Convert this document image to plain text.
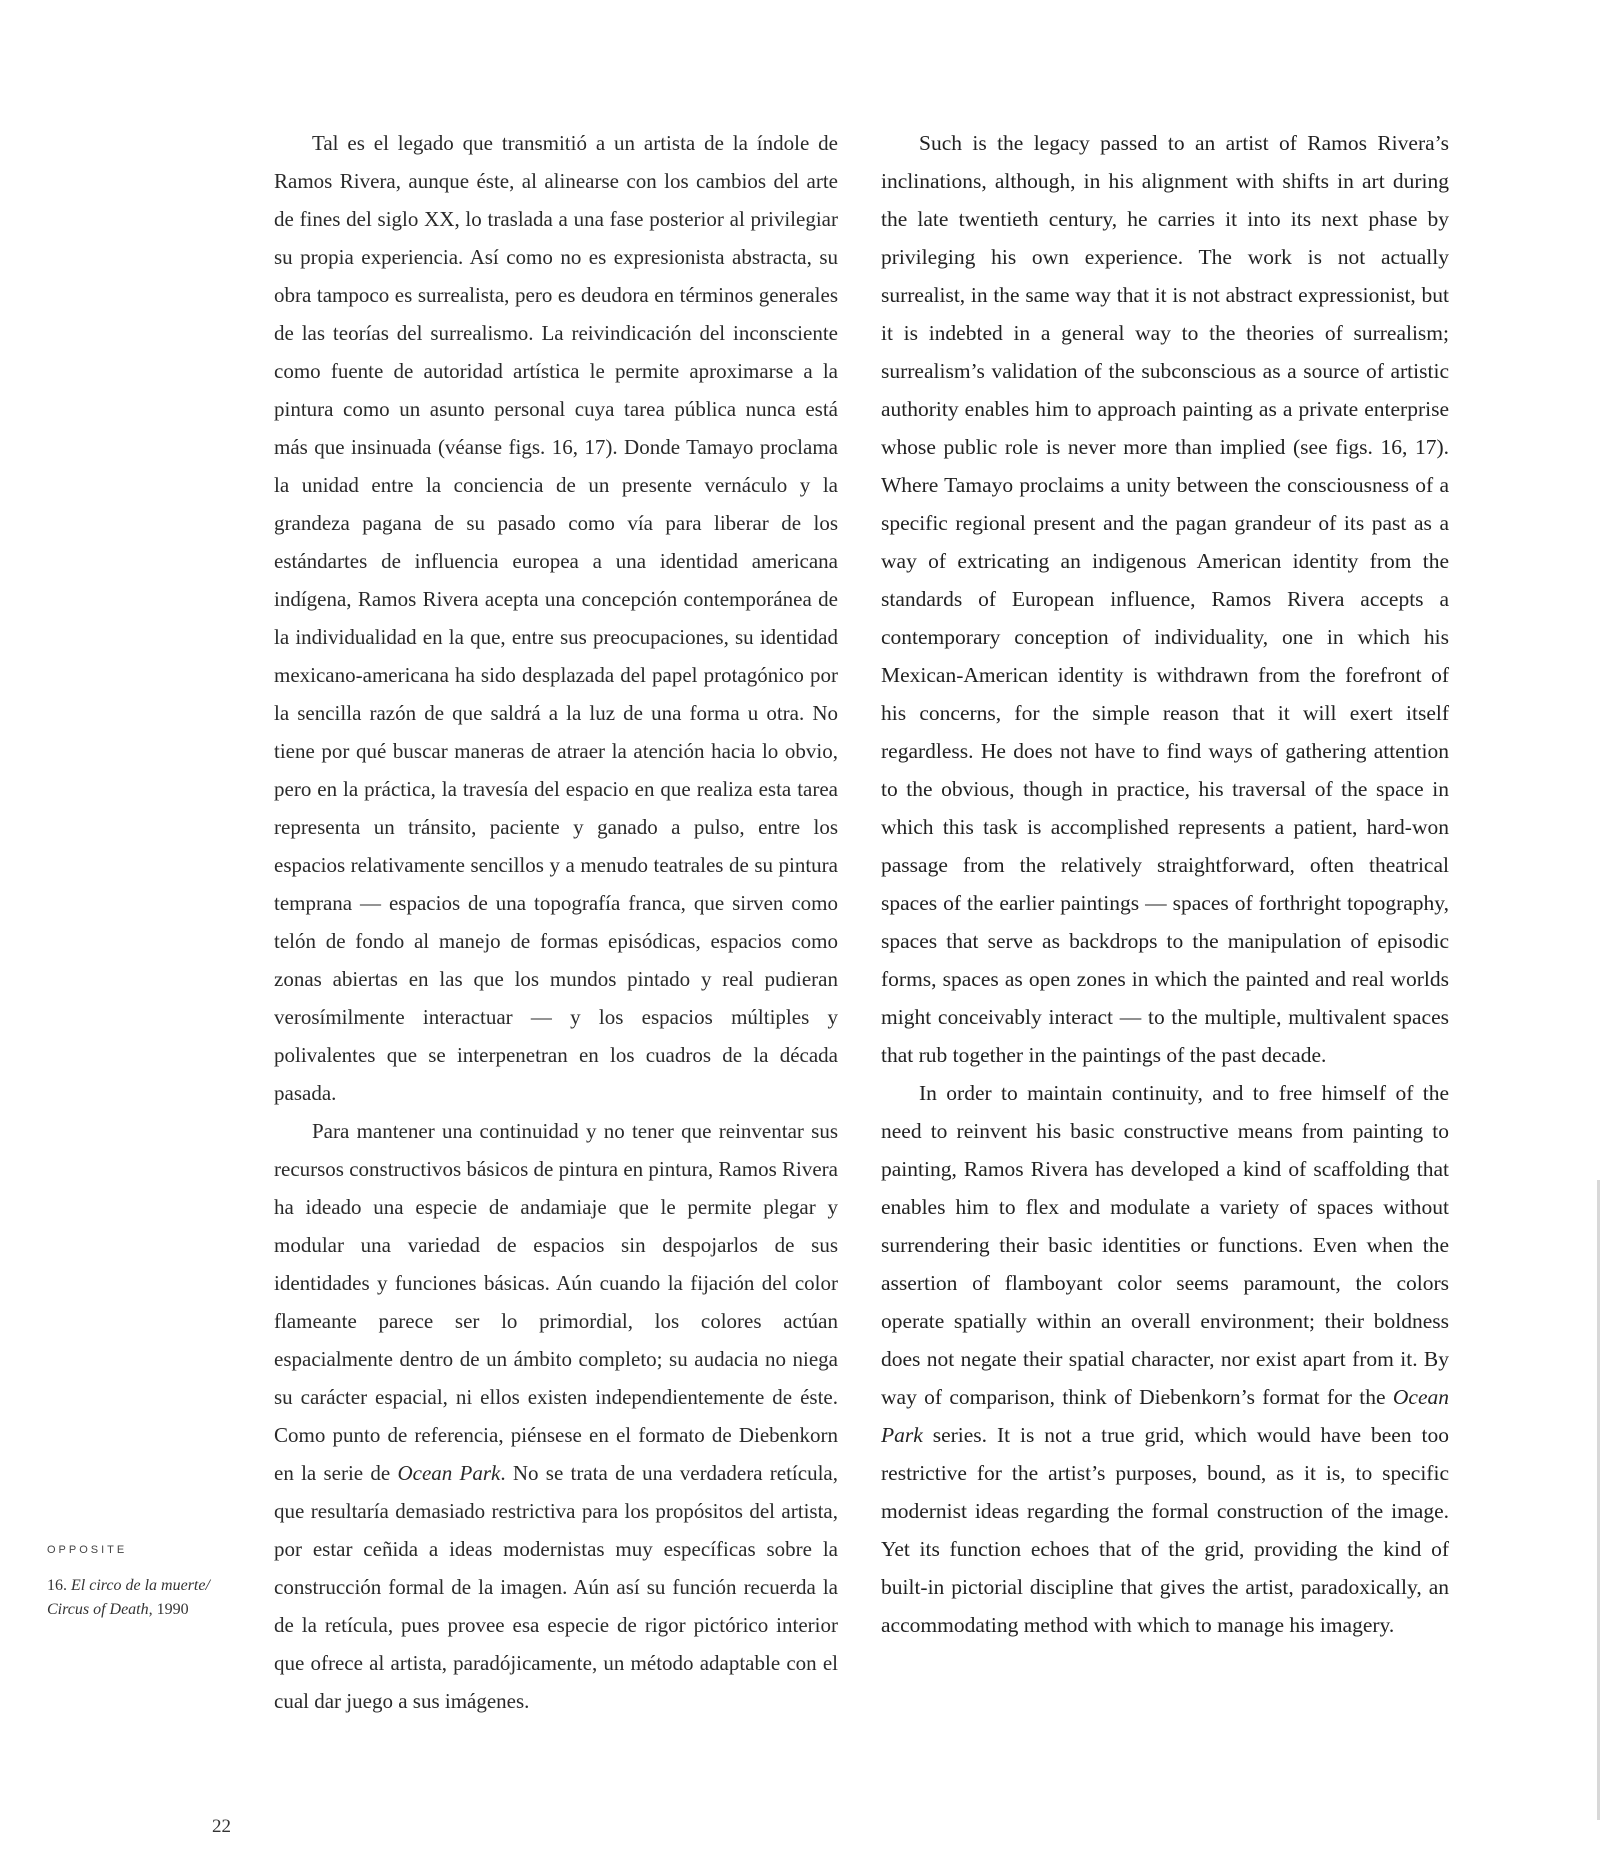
Tal es el legado que transmitió a un artista de la índole de Ramos Rivera, aunque éste, al alinearse con los cambios del arte de fines del siglo XX, lo traslada a una fase posterior al privilegiar su propia experiencia. Así como no es expresionista abstracta, su obra tampoco es surrealista, pero es deudora en términos generales de las teorías del surrealismo. La reivindicación del inconsciente como fuente de autoridad artística le permite aproximarse a la pintura como un asunto personal cuya tarea pública nunca está más que insinuada (véanse figs. 16, 17). Donde Tamayo proclama la unidad entre la conciencia de un presente vernáculo y la grandeza pagana de su pasado como vía para liberar de los estándartes de influencia europea a una identidad americana indígena, Ramos Rivera acepta una concepción contemporánea de la individualidad en la que, entre sus preocupaciones, su identidad mexicano-americana ha sido desplazada del papel protagónico por la sencilla razón de que saldrá a la luz de una forma u otra. No tiene por qué buscar maneras de atraer la atención hacia lo obvio, pero en la práctica, la travesía del espacio en que realiza esta tarea representa un tránsito, paciente y ganado a pulso, entre los espacios relativamente sencillos y a menudo teatrales de su pintura temprana — espacios de una topografía franca, que sirven como telón de fondo al manejo de formas episódicas, espacios como zonas abiertas en las que los mundos pintado y real pudieran verosímilmente interactuar — y los espacios múltiples y polivalentes que se interpenetran en los cuadros de la década pasada.

Para mantener una continuidad y no tener que reinventar sus recursos constructivos básicos de pintura en pintura, Ramos Rivera ha ideado una especie de andamiaje que le permite plegar y modular una variedad de espacios sin despojarlos de sus identidades y funciones básicas. Aún cuando la fijación del color flameante parece ser lo primordial, los colores actúan espacialmente dentro de un ámbito completo; su audacia no niega su carácter espacial, ni ellos existen independientemente de éste. Como punto de referencia, piénsese en el formato de Diebenkorn en la serie de Ocean Park. No se trata de una verdadera retícula, que resultaría demasiado restrictiva para los propósitos del artista, por estar ceñida a ideas modernistas muy específicas sobre la construcción formal de la imagen. Aún así su función recuerda la de la retícula, pues provee esa especie de rigor pictórico interior que ofrece al artista, paradójicamente, un método adaptable con el cual dar juego a sus imágenes.

Such is the legacy passed to an artist of Ramos Rivera’s inclinations, although, in his alignment with shifts in art during the late twentieth century, he carries it into its next phase by privileging his own experience. The work is not actually surrealist, in the same way that it is not abstract expressionist, but it is indebted in a general way to the theories of surrealism; surrealism’s validation of the subconscious as a source of artistic authority enables him to approach painting as a private enterprise whose public role is never more than implied (see figs. 16, 17). Where Tamayo proclaims a unity between the consciousness of a specific regional present and the pagan grandeur of its past as a way of extricating an indigenous American identity from the standards of European influence, Ramos Rivera accepts a contemporary conception of individuality, one in which his Mexican-American identity is withdrawn from the forefront of his concerns, for the simple reason that it will exert itself regardless. He does not have to find ways of gathering attention to the obvious, though in practice, his traversal of the space in which this task is accomplished represents a patient, hard-won passage from the relatively straightforward, often theatrical spaces of the earlier paintings — spaces of forthright topography, spaces that serve as backdrops to the manipulation of episodic forms, spaces as open zones in which the painted and real worlds might conceivably interact — to the multiple, multivalent spaces that rub together in the paintings of the past decade.

In order to maintain continuity, and to free himself of the need to reinvent his basic constructive means from painting to painting, Ramos Rivera has developed a kind of scaffolding that enables him to flex and modulate a variety of spaces without surrendering their basic identities or functions. Even when the assertion of flamboyant color seems paramount, the colors operate spatially within an overall environment; their boldness does not negate their spatial character, nor exist apart from it. By way of comparison, think of Diebenkorn’s format for the Ocean Park series. It is not a true grid, which would have been too restrictive for the artist’s purposes, bound, as it is, to specific modernist ideas regarding the formal construction of the image. Yet its function echoes that of the grid, providing the kind of built-in pictorial discipline that gives the artist, paradoxically, an accommodating method with which to manage his imagery.

OPPOSITE
16. El circo de la muerte/
Circus of Death, 1990
22
